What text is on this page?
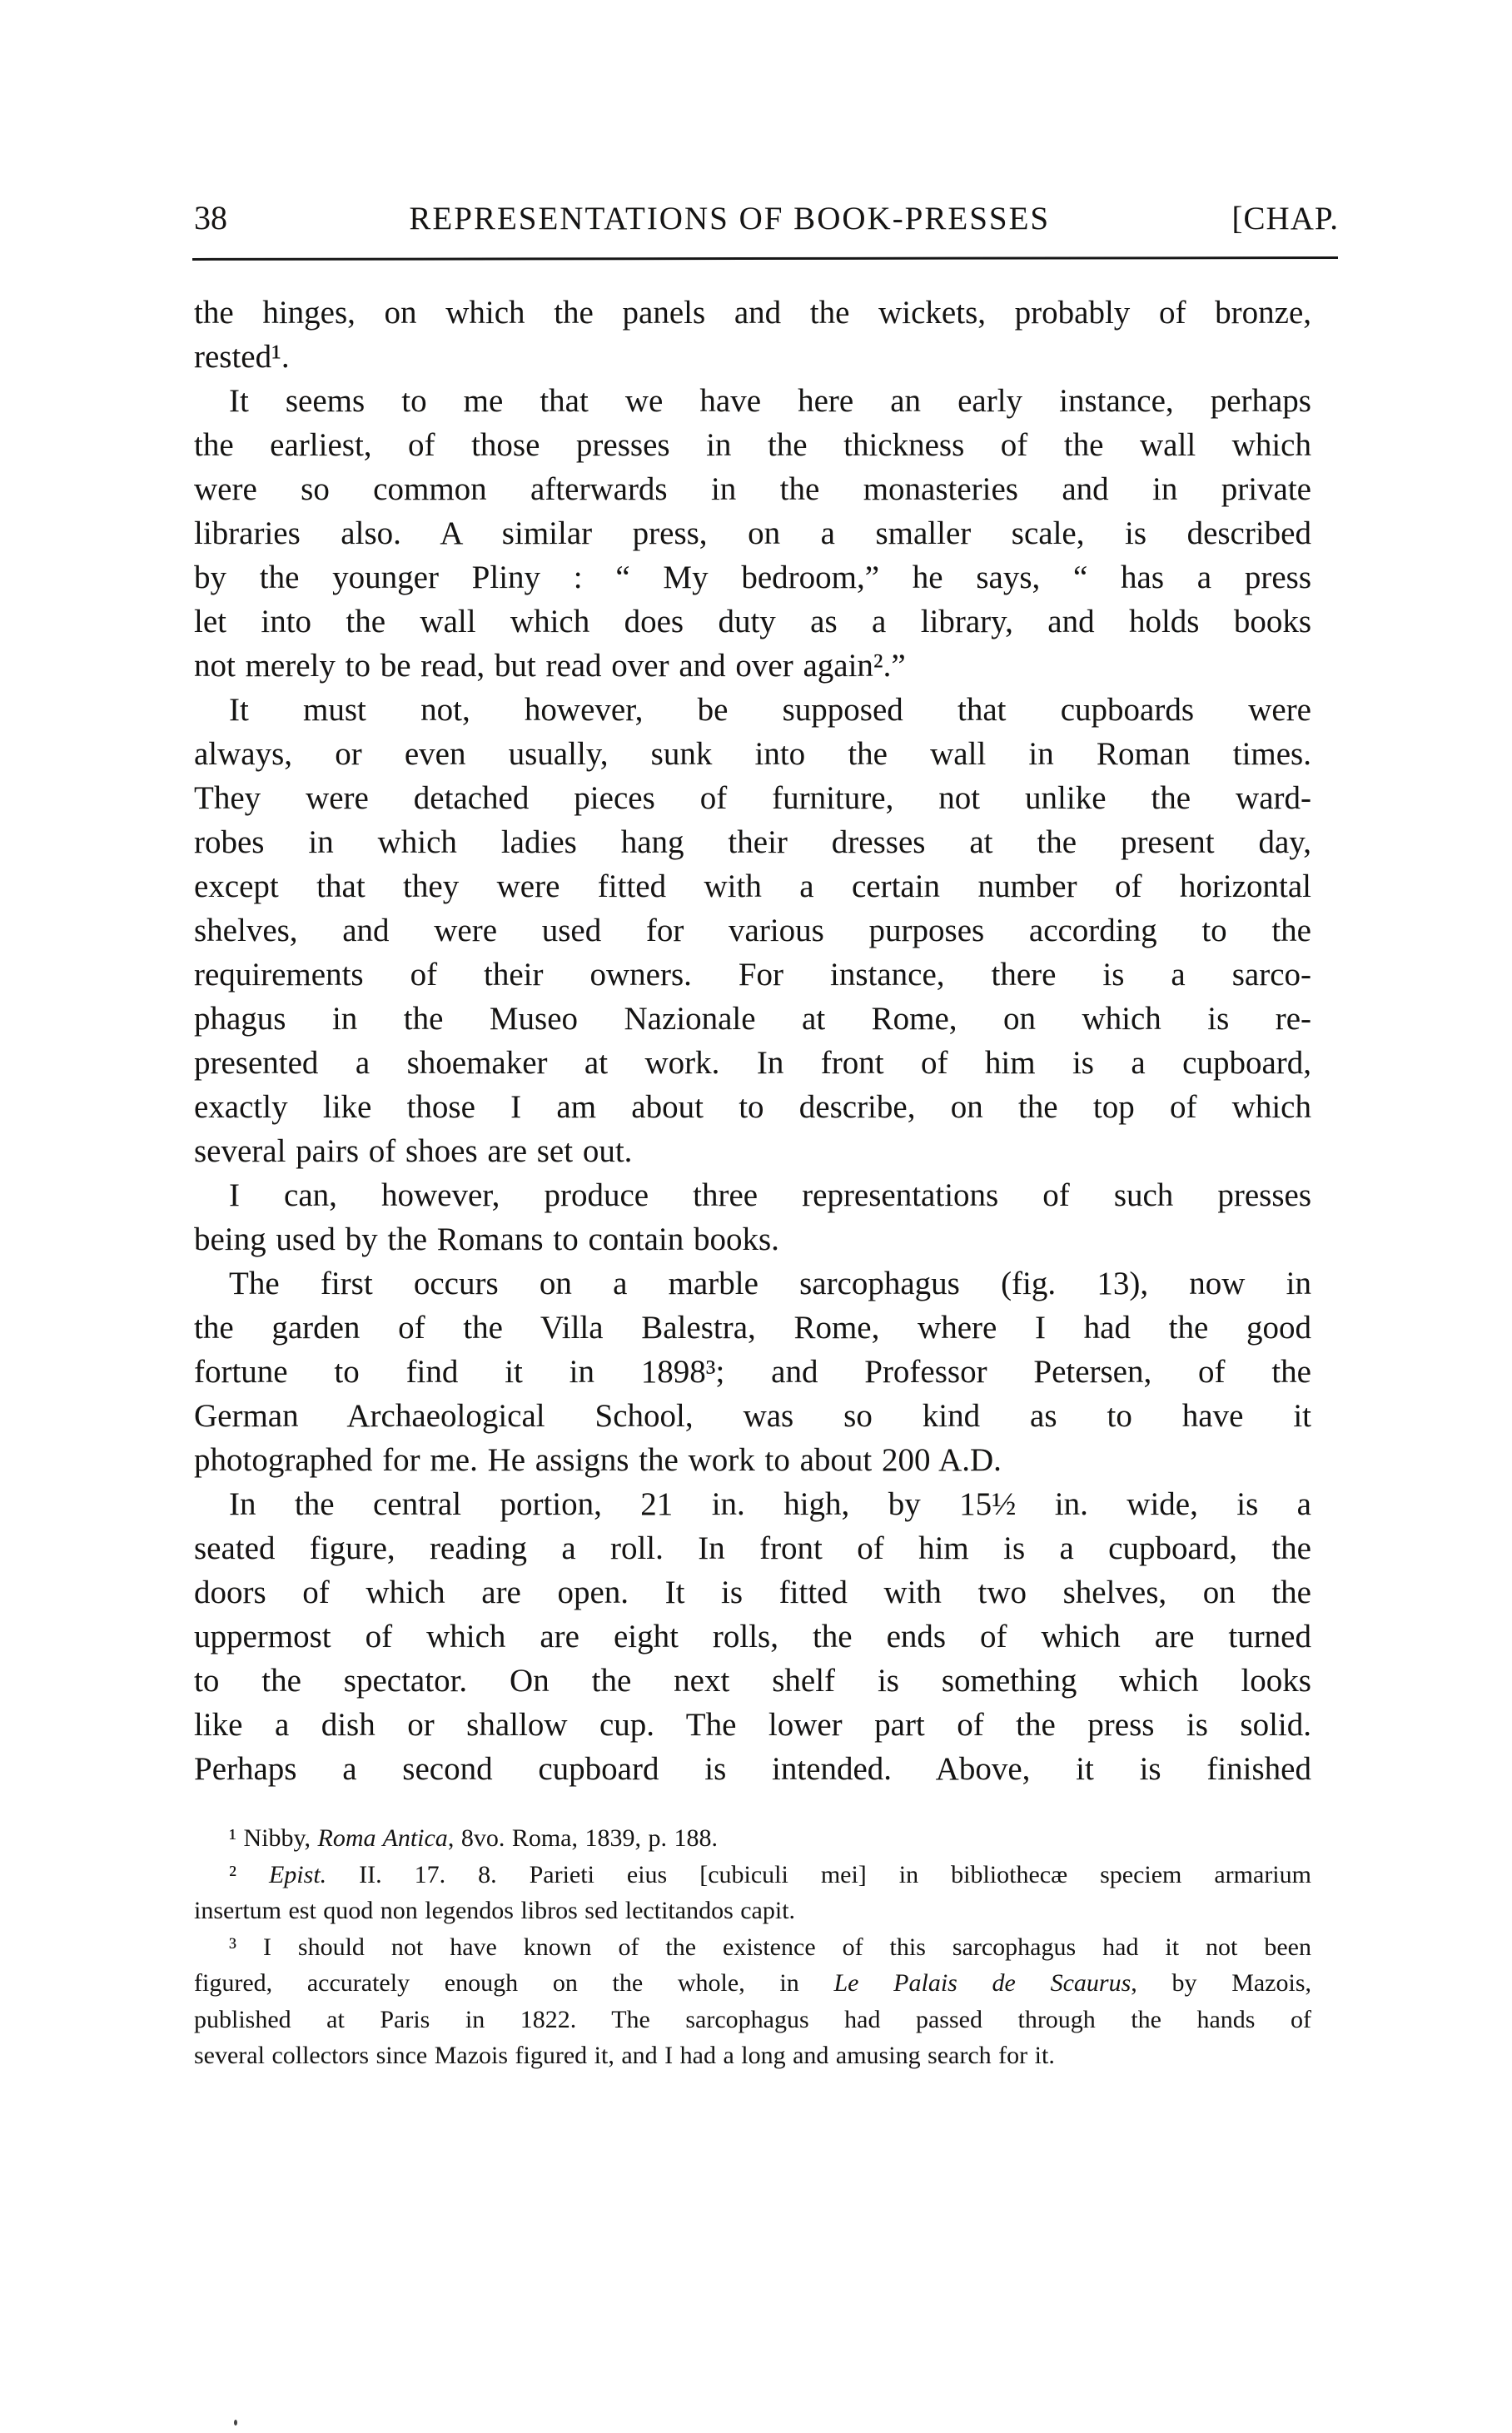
38	REPRESENTATIONS OF BOOK-PRESSES	[CHAP.
the hinges, on which the panels and the wickets, probably of bronze,
rested¹.
It seems to me that we have here an early instance, perhaps
the earliest, of those presses in the thickness of the wall which
were so common afterwards in the monasteries and in private
libraries also. A similar press, on a smaller scale, is described
by the younger Pliny : “ My bedroom,” he says, “ has a press
let into the wall which does duty as a library, and holds books
not merely to be read, but read over and over again².”
It must not, however, be supposed that cupboards were
always, or even usually, sunk into the wall in Roman times.
They were detached pieces of furniture, not unlike the ward-
robes in which ladies hang their dresses at the present day,
except that they were fitted with a certain number of horizontal
shelves, and were used for various purposes according to the
requirements of their owners. For instance, there is a sarco-
phagus in the Museo Nazionale at Rome, on which is re-
presented a shoemaker at work. In front of him is a cupboard,
exactly like those I am about to describe, on the top of which
several pairs of shoes are set out.
I can, however, produce three representations of such presses
being used by the Romans to contain books.
The first occurs on a marble sarcophagus (fig. 13), now in
the garden of the Villa Balestra, Rome, where I had the good
fortune to find it in 1898³; and Professor Petersen, of the
German Archaeological School, was so kind as to have it
photographed for me. He assigns the work to about 200 A.D.
In the central portion, 21 in. high, by 15½ in. wide, is a
seated figure, reading a roll. In front of him is a cupboard, the
doors of which are open. It is fitted with two shelves, on the
uppermost of which are eight rolls, the ends of which are turned
to the spectator. On the next shelf is something which looks
like a dish or shallow cup. The lower part of the press is solid.
Perhaps a second cupboard is intended. Above, it is finished
¹ Nibby, Roma Antica, 8vo. Roma, 1839, p. 188.
² Epist. II. 17. 8. Parieti eius [cubiculi mei] in bibliothecæ speciem armarium
insertum est quod non legendos libros sed lectitandos capit.
³ I should not have known of the existence of this sarcophagus had it not been
figured, accurately enough on the whole, in Le Palais de Scaurus, by Mazois,
published at Paris in 1822. The sarcophagus had passed through the hands of
several collectors since Mazois figured it, and I had a long and amusing search for it.
